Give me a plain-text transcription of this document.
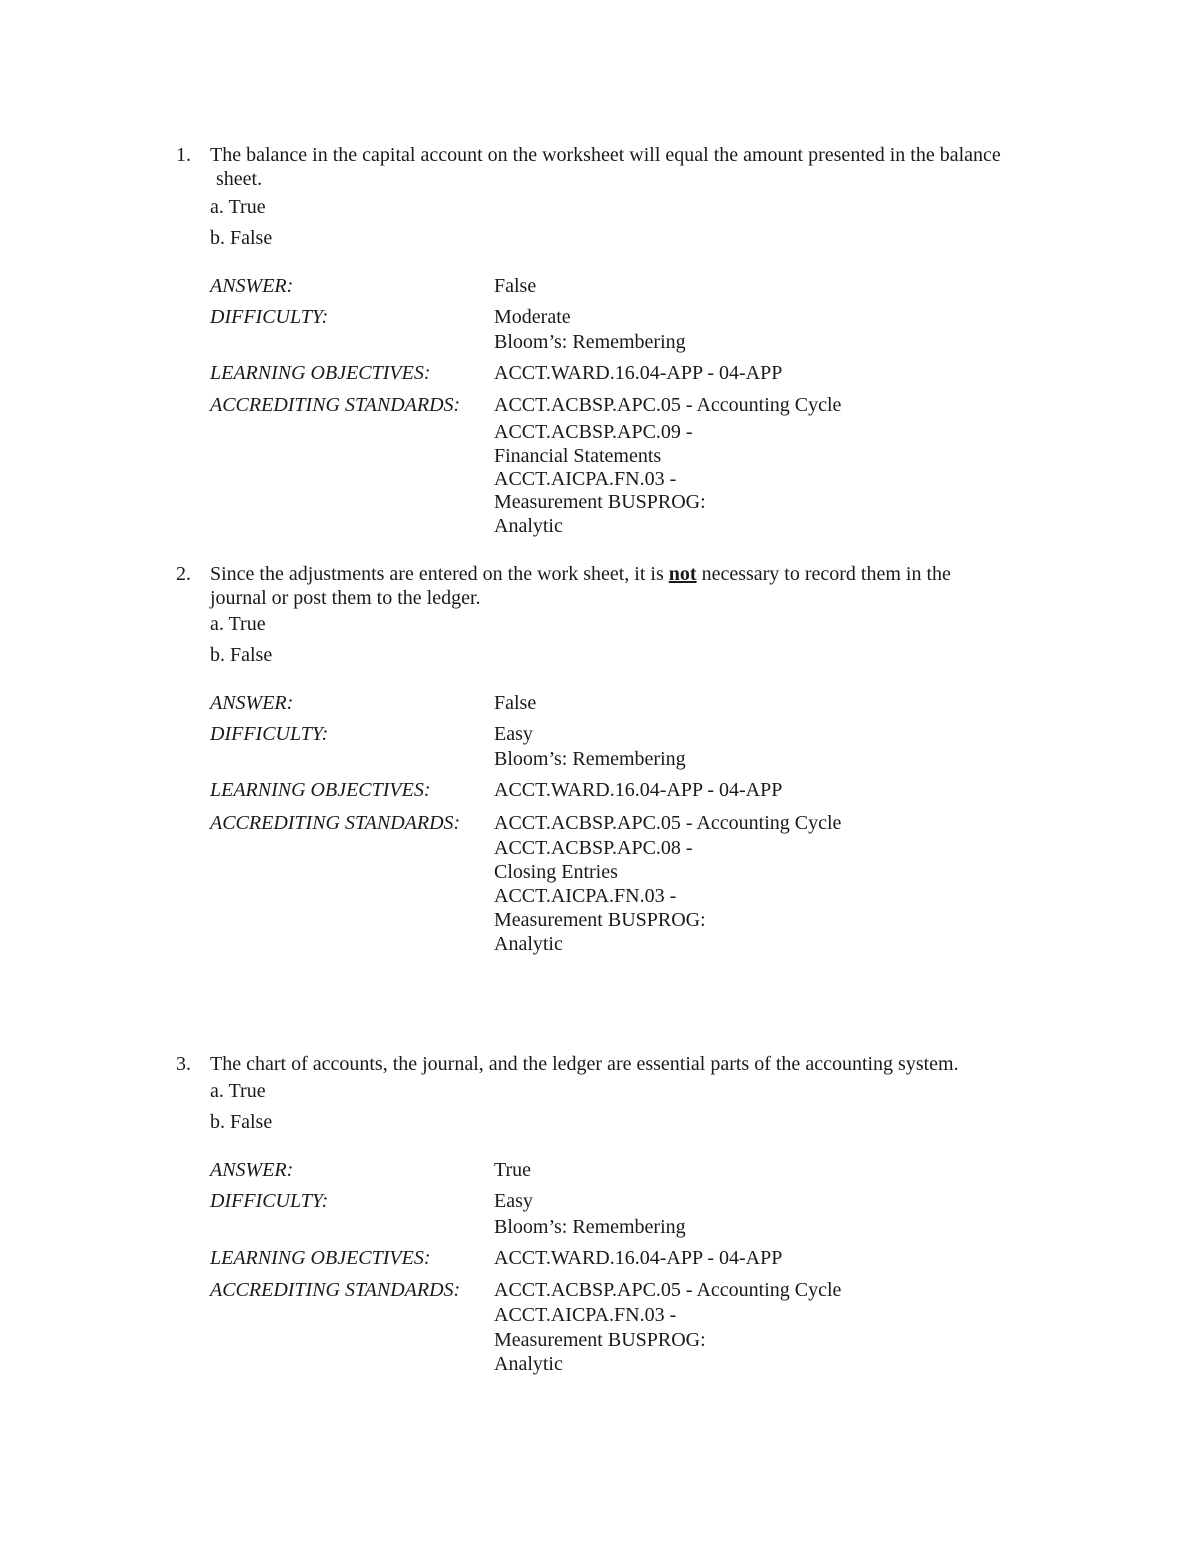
1. The balance in the capital account on the worksheet will equal the amount presented in the balance
sheet.
a. True
b. False
ANSWER:	False
DIFFICULTY:	Moderate
Bloom’s: Remembering
LEARNING OBJECTIVES:	ACCT.WARD.16.04-APP - 04-APP
ACCREDITING STANDARDS: ACCT.ACBSP.APC.05 - Accounting Cycle
ACCT.ACBSP.APC.09 -
Financial Statements
ACCT.AICPA.FN.03 -
Measurement BUSPROG:
Analytic
2. Since the adjustments are entered on the work sheet, it is not necessary to record them in the
journal or post them to the ledger.
a. True
b. False
ANSWER:	False
DIFFICULTY:	Easy
Bloom’s: Remembering
LEARNING OBJECTIVES:	ACCT.WARD.16.04-APP - 04-APP
ACCREDITING STANDARDS: ACCT.ACBSP.APC.05 - Accounting Cycle
ACCT.ACBSP.APC.08 -
Closing Entries
ACCT.AICPA.FN.03 -
Measurement BUSPROG:
Analytic
3. The chart of accounts, the journal, and the ledger are essential parts of the accounting system.
a. True
b. False
ANSWER:	True
DIFFICULTY:	Easy
Bloom’s: Remembering
LEARNING OBJECTIVES:	ACCT.WARD.16.04-APP - 04-APP
ACCREDITING STANDARDS: ACCT.ACBSP.APC.05 - Accounting Cycle
ACCT.AICPA.FN.03 -
Measurement BUSPROG:
Analytic
